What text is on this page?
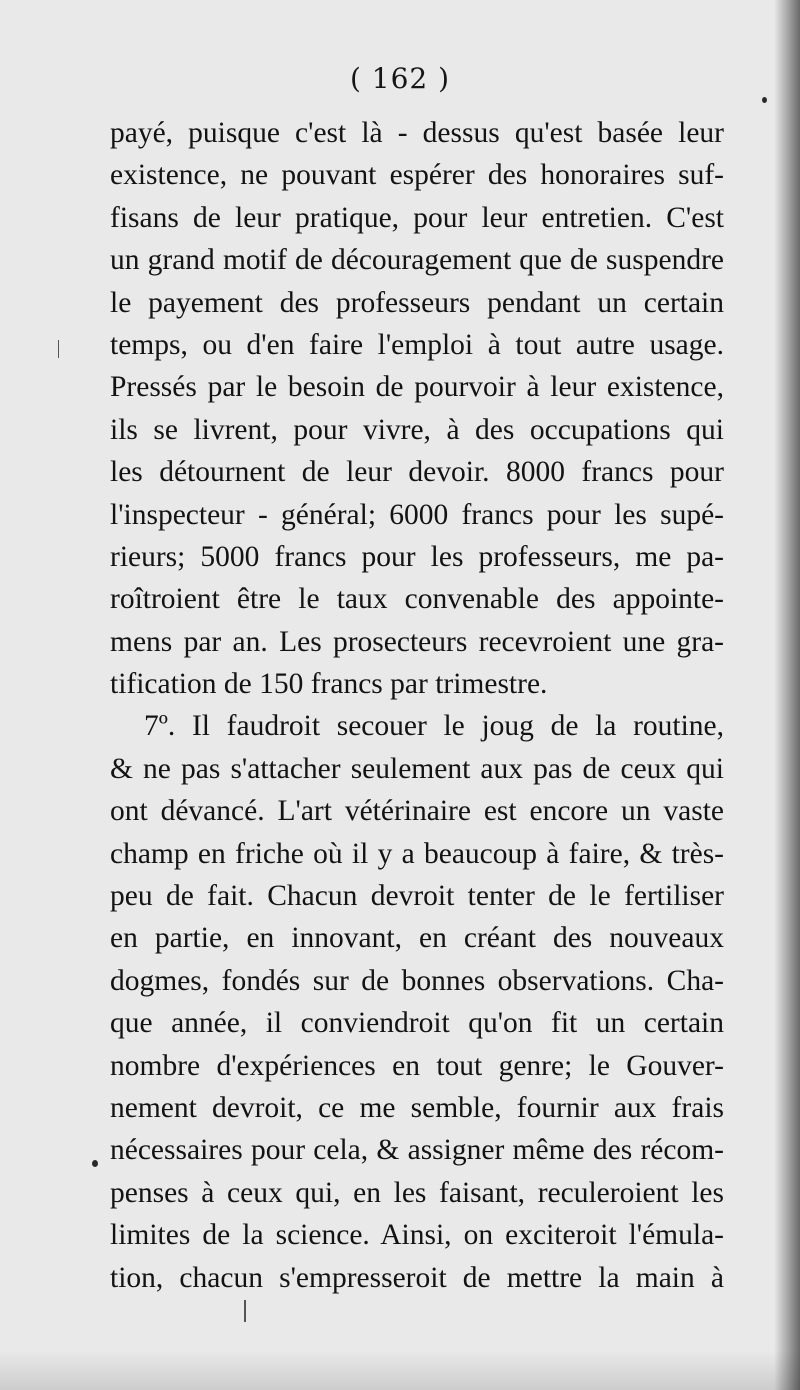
( 162 )
payé, puisque c'est là - dessus qu'est basée leur
existence, ne pouvant espérer des honoraires suf-
fisans de leur pratique, pour leur entretien. C'est
un grand motif de découragement que de suspendre
le payement des professeurs pendant un certain
temps, ou d'en faire l'emploi à tout autre usage.
Pressés par le besoin de pourvoir à leur existence,
ils se livrent, pour vivre, à des occupations qui
les détournent de leur devoir. 8000 francs pour
l'inspecteur - général; 6000 francs pour les supé-
rieurs; 5000 francs pour les professeurs, me pa-
roîtroient être le taux convenable des appointe-
mens par an. Les prosecteurs recevroient une gra-
tification de 150 francs par trimestre.
7º. Il faudroit secouer le joug de la routine,
& ne pas s'attacher seulement aux pas de ceux qui
ont dévancé. L'art vétérinaire est encore un vaste
champ en friche où il y a beaucoup à faire, & très-
peu de fait. Chacun devroit tenter de le fertiliser
en partie, en innovant, en créant des nouveaux
dogmes, fondés sur de bonnes observations. Cha-
que année, il conviendroit qu'on fit un certain
nombre d'expériences en tout genre; le Gouver-
nement devroit, ce me semble, fournir aux frais
nécessaires pour cela, & assigner même des récom-
penses à ceux qui, en les faisant, reculeroient les
limites de la science. Ainsi, on exciteroit l'émula-
tion, chacun s'empresseroit de mettre la main à
